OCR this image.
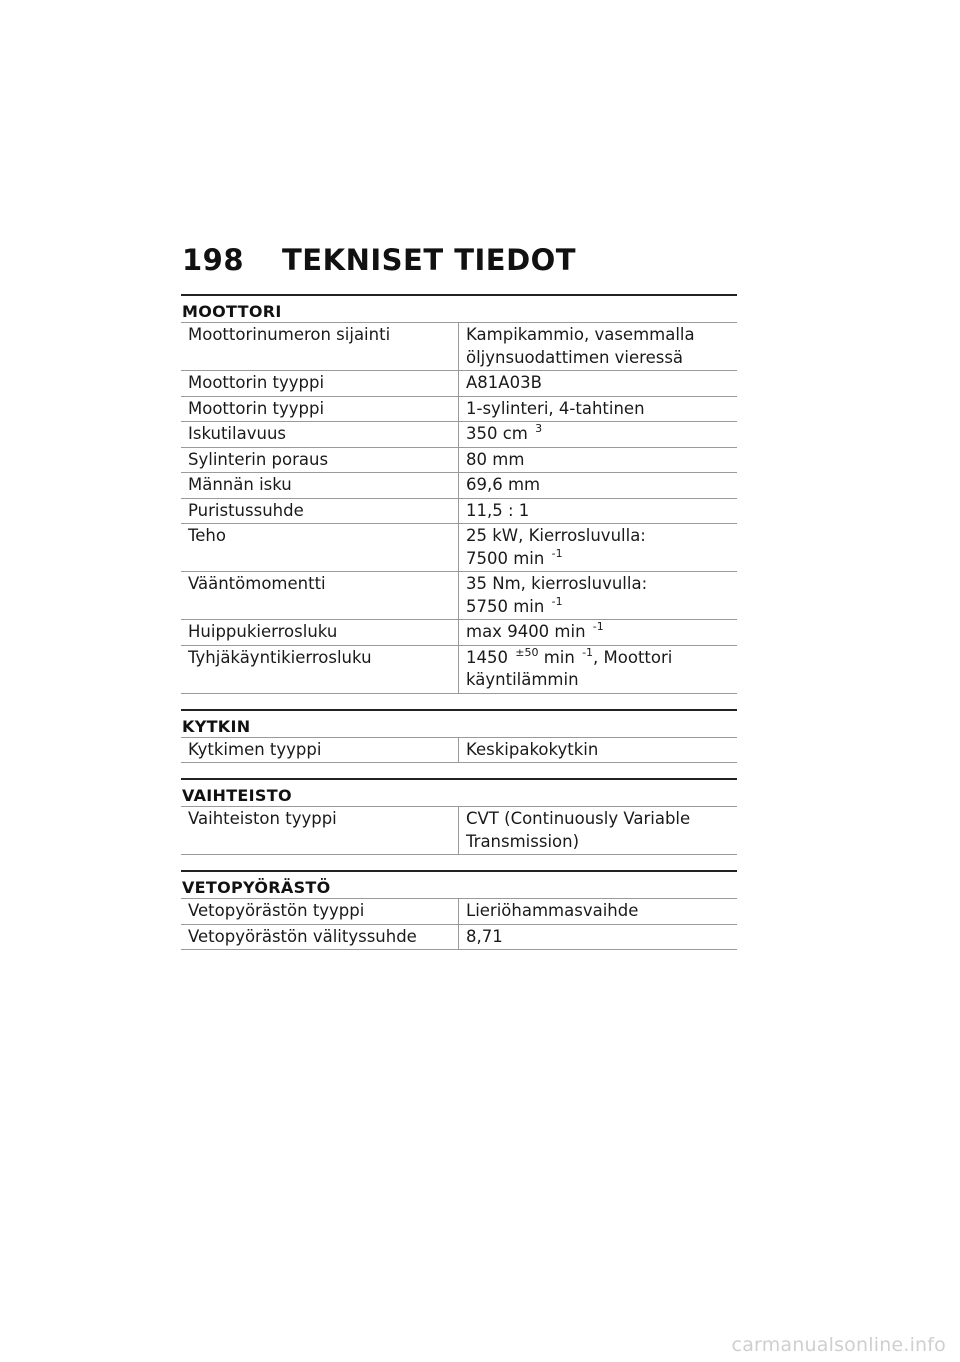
198	TEKNISET TIEDOT
MOOTTORI
Moottorinumeron sijainti	Kampikammio, vasemmalla
öljynsuodattimen vieressä
Moottorin tyyppi	A81A03B
Moottorin tyyppi	1-sylinteri, 4-tahtinen
Iskutilavuus	350 cm $^3$
Sylinterin poraus	80 mm
Männän isku	69,6 mm
Puristussuhde	11,5 : 1
Teho	25 kW, Kierrosluvulla:
7500 min $^{-1}$
Vääntömomentti	35 Nm, kierrosluvulla:
5750 min $^{-1}$
Huippukierrosluku	max 9400 min $^{-1}$
Tyhjäkäyntikierrosluku	1450 $^{\pm 50}$ min $^{-1}$, Moottori
käyntilämmin
KYTKIN
Kytkimen tyyppi	Keskipakokytkin
VAIHTEISTO
Vaihteiston tyyppi	CVT (Continuously Variable
Transmission)
VETOPYÖRÄSTÖ
Vetopyörästön tyyppi	Lieriöhammasvaihde
Vetopyörästön välityssuhde	8,71
carmanualsonline.info
